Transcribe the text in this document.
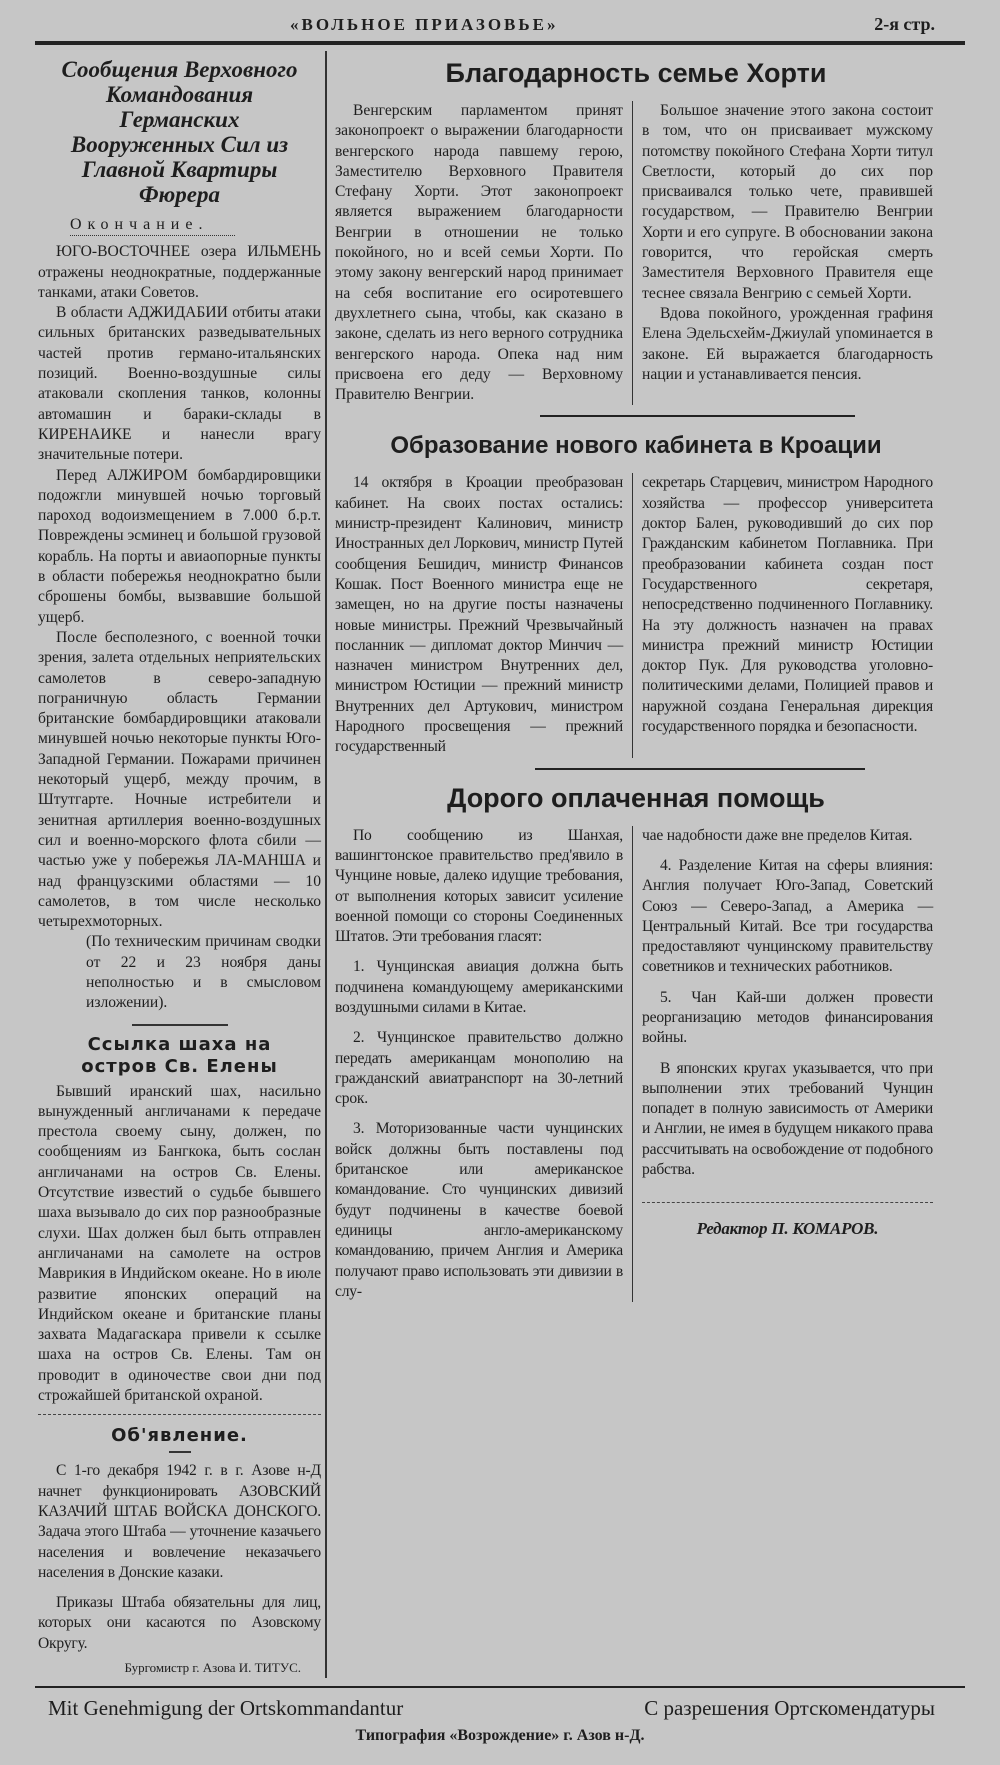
«ВОЛЬНОЕ ПРИАЗОВЬЕ»	2-я стр.
Сообщения Верховного Командования Германских Вооруженных Сил из Главной Квартиры Фюрера
Окончание.

ЮГО-ВОСТОЧНЕЕ озера ИЛЬМЕНЬ отражены неоднократные, поддержанные танками, атаки Советов.

В области АДЖИДАБИИ отбиты атаки сильных британских разведывательных частей против германо-итальянских позиций. Военно-воздушные силы атаковали скопления танков, колонны автомашин и бараки-склады в КИРЕНАИКЕ и нанесли врагу значительные потери.

Перед АЛЖИРОМ бомбардировщики подожгли минувшей ночью торговый пароход водоизмещением в 7.000 б.р.т. Повреждены эсминец и большой грузовой корабль. На порты и авиаопорные пункты в области побережья неоднократно были сброшены бомбы, вызвавшие большой ущерб.

После бесполезного, с военной точки зрения, залета отдельных неприятельских самолетов в северо-западную пограничную область Германии британские бомбардировщики атаковали минувшей ночью некоторые пункты Юго-Западной Германии. Пожарами причинен некоторый ущерб, между прочим, в Штутгарте. Ночные истребители и зенитная артиллерия военно-воздушных сил и военно-морского флота сбили — частью уже у побережья ЛА-МАНША и над французскими областями — 10 самолетов, в том числе несколько четырехмоторных.

(По техническим причинам сводки от 22 и 23 ноября даны неполностью и в смысловом изложении).

Ссылка шаха на остров Св. Елены

Бывший иранский шах, насильно вынужденный англичанами к передаче престола своему сыну, должен, по сообщениям из Бангкока, быть сослан англичанами на остров Св. Елены. Отсутствие известий о судьбе бывшего шаха вызывало до сих пор разнообразные слухи. Шах должен был быть отправлен англичанами на самолете на остров Маврикия в Индийском океане. Но в июле развитие японских операций на Индийском океане и британские планы захвата Мадагаскара привели к ссылке шаха на остров Св. Елены. Там он проводит в одиночестве свои дни под строжайшей британской охраной.

Об'явление.

С 1-го декабря 1942 г. в г. Азове н-Д начнет функционировать АЗОВСКИЙ КАЗАЧИЙ ШТАБ ВОЙСКА ДОНСКОГО. Задача этого Штаба — уточнение казачьего населения и вовлечение неказачьего населения в Донские казаки.

Приказы Штаба обязательны для лиц, которых они касаются по Азовскому Округу.

Бургомистр г. Азова И. ТИТУС.
Благодарность семье Хорти

Венгерским парламентом принят законопроект о выражении благодарности венгерского народа павшему герою, Заместителю Верховного Правителя Стефану Хорти. Этот законопроект является выражением благодарности Венгрии в отношении не только покойного, но и всей семьи Хорти. По этому закону венгерский народ принимает на себя воспитание его осиротевшего двухлетнего сына, чтобы, как сказано в законе, сделать из него верного сотрудника венгерского народа. Опека над ним присвоена его деду — Верховному Правителю Венгрии.

Большое значение этого закона состоит в том, что он присваивает мужскому потомству покойного Стефана Хорти титул Светлости, который до сих пор присваивался только чете, правившей государством, — Правителю Венгрии Хорти и его супруге. В обосновании закона говорится, что геройская смерть Заместителя Верховного Правителя еще теснее связала Венгрию с семьей Хорти.

Вдова покойного, урожденная графиня Елена Эдельсхейм-Джиулай упоминается в законе. Ей выражается благодарность нации и устанавливается пенсия.

Образование нового кабинета в Кроации

14 октября в Кроации преобразован кабинет. На своих постах остались: министр-президент Калинович, министр Иностранных дел Лоркович, министр Путей сообщения Бешидич, министр Финансов Кошак. Пост Военного министра еще не замещен, но на другие посты назначены новые министры. Прежний Чрезвычайный посланник — дипломат доктор Минчич — назначен министром Внутренних дел, министром Юстиции — прежний министр Внутренних дел Артукович, министром Народного просвещения — прежний государственный

секретарь Старцевич, министром Народного хозяйства — профессор университета доктор Бален, руководивший до сих пор Гражданским кабинетом Поглавника. При преобразовании кабинета создан пост Государственного секретаря, непосредственно подчиненного Поглавнику. На эту должность назначен на правах министра прежний министр Юстиции доктор Пук. Для руководства уголовно-политическими делами, Полицией правов и наружной создана Генеральная дирекция государственного порядка и безопасности.

Дорого оплаченная помощь

По сообщению из Шанхая, вашингтонское правительство пред'явило в Чунцине новые, далеко идущие требования, от выполнения которых зависит усиление военной помощи со стороны Соединенных Штатов. Эти требования гласят:

1. Чунцинская авиация должна быть подчинена командующему американскими воздушными силами в Китае.

2. Чунцинское правительство должно передать американцам монополию на гражданский авиатранспорт на 30-летний срок.

3. Моторизованные части чунцинских войск должны быть поставлены под британское или американское командование. Сто чунцинских дивизий будут подчинены в качестве боевой единицы англо-американскому командованию, причем Англия и Америка получают право использовать эти дивизии в слу-

чае надобности даже вне пределов Китая.

4. Разделение Китая на сферы влияния: Англия получает Юго-Запад, Советский Союз — Северо-Запад, а Америка — Центральный Китай. Все три государства предоставляют чунцинскому правительству советников и технических работников.

5. Чан Кай-ши должен провести реорганизацию методов финансирования войны.

В японских кругах указывается, что при выполнении этих требований Чунцин попадет в полную зависимость от Америки и Англии, не имея в будущем никакого права рассчитывать на освобождение от подобного рабства.

Редактор П. КОМАРОВ.
Mit Genehmigung der Ortskommandantur	С разрешения Ортскомендатуры
Типография «Возрождение» г. Азов н-Д.
